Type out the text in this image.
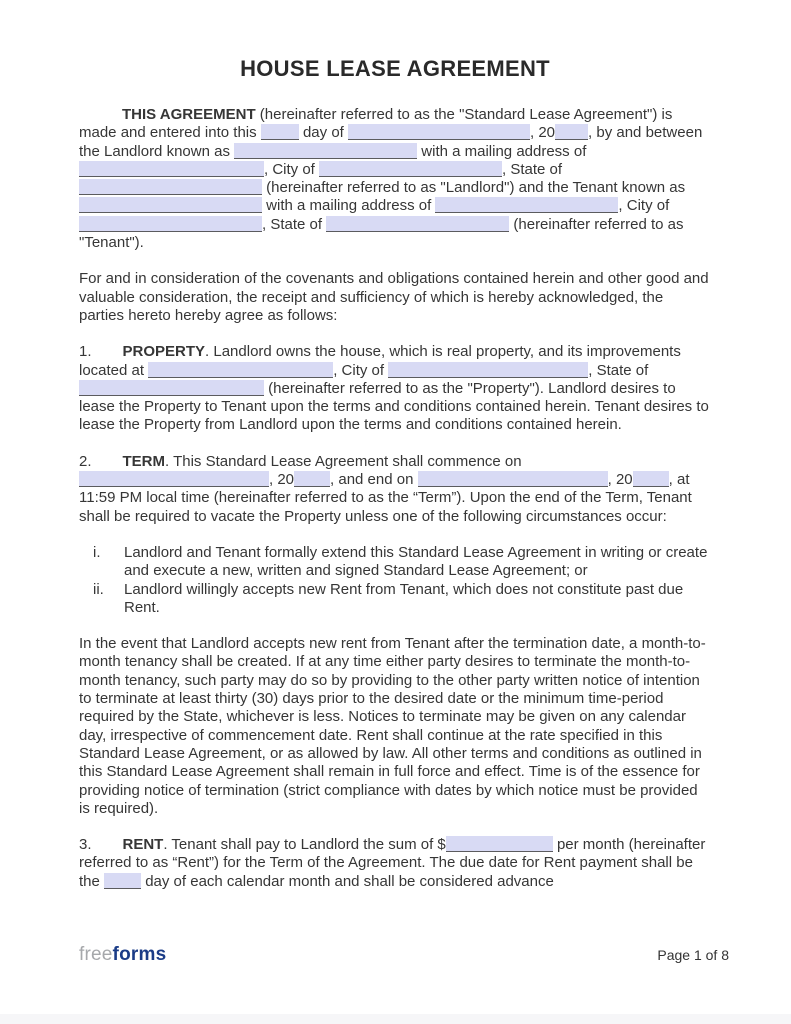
HOUSE LEASE AGREEMENT
THIS AGREEMENT (hereinafter referred to as the "Standard Lease Agreement") is made and entered into this	day of	, 20 , by and between the Landlord known as	with a mailing address of , City of	, State of  (hereinafter referred to as "Landlord") and the Tenant known as  with a mailing address of	, City of , State of	(hereinafter referred to as "Tenant").
For and in consideration of the covenants and obligations contained herein and other good and valuable consideration, the receipt and sufficiency of which is hereby acknowledged, the parties hereto hereby agree as follows:
1. PROPERTY. Landlord owns the house, which is real property, and its improvements located at	, City of	, State of  (hereinafter referred to as the "Property"). Landlord desires to lease the Property to Tenant upon the terms and conditions contained herein. Tenant desires to lease the Property from Landlord upon the terms and conditions contained herein.
2. TERM. This Standard Lease Agreement shall commence on , 20 , and end on	, 20 , at 11:59 PM local time (hereinafter referred to as the “Term”). Upon the end of the Term, Tenant shall be required to vacate the Property unless one of the following circumstances occur:
i.	Landlord and Tenant formally extend this Standard Lease Agreement in writing or create and execute a new, written and signed Standard Lease Agreement; or
ii.	Landlord willingly accepts new Rent from Tenant, which does not constitute past due Rent.
In the event that Landlord accepts new rent from Tenant after the termination date, a month-to-month tenancy shall be created. If at any time either party desires to terminate the month-to-month tenancy, such party may do so by providing to the other party written notice of intention to terminate at least thirty (30) days prior to the desired date or the minimum time-period required by the State, whichever is less. Notices to terminate may be given on any calendar day, irrespective of commencement date. Rent shall continue at the rate specified in this Standard Lease Agreement, or as allowed by law. All other terms and conditions as outlined in this Standard Lease Agreement shall remain in full force and effect. Time is of the essence for providing notice of termination (strict compliance with dates by which notice must be provided is required).
3. RENT. Tenant shall pay to Landlord the sum of $	per month (hereinafter referred to as “Rent”) for the Term of the Agreement. The due date for Rent payment shall be the  day of each calendar month and shall be considered advance
freeforms	Page 1 of 8
